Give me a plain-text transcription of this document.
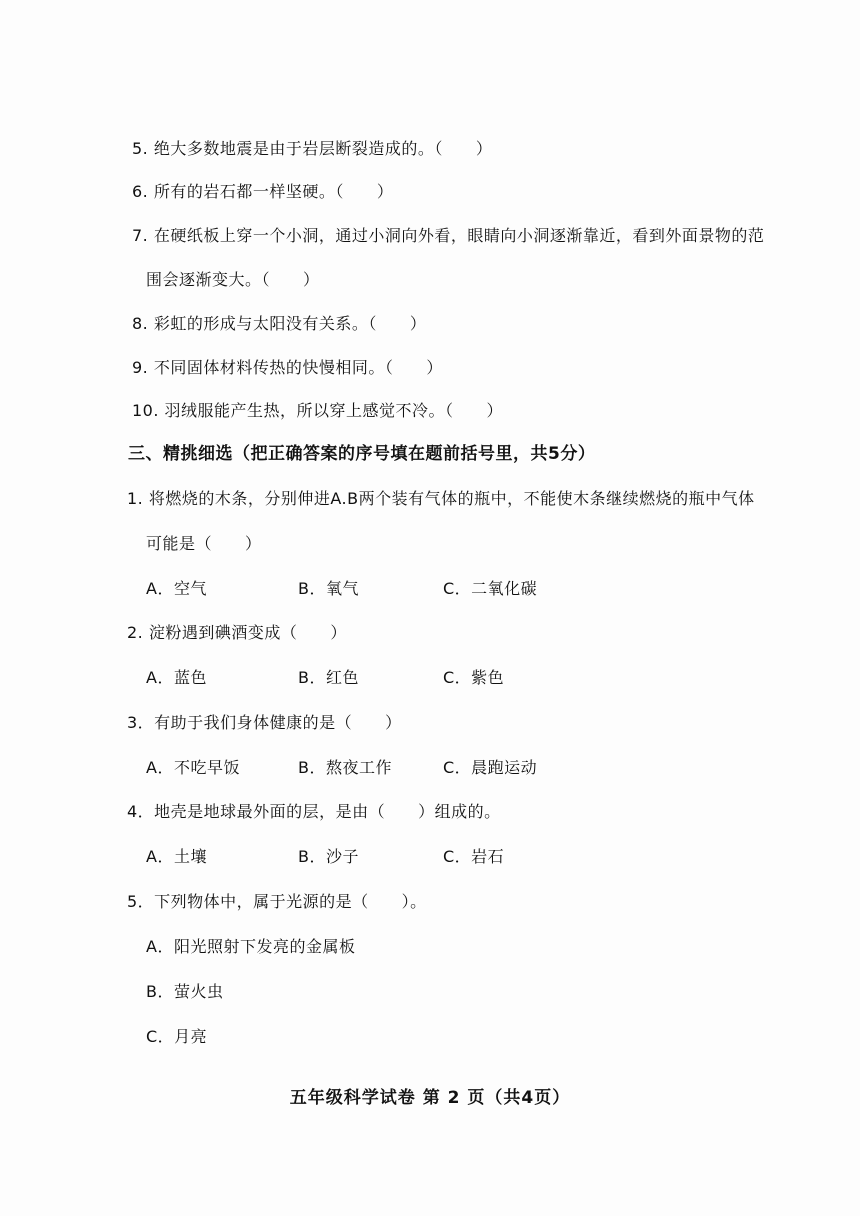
5. 绝大多数地震是由于岩层断裂造成的。（　　）
6. 所有的岩石都一样坚硬。（　　）
7. 在硬纸板上穿一个小洞，通过小洞向外看，眼睛向小洞逐渐靠近，看到外面景物的范
围会逐渐变大。（　　）
8. 彩虹的形成与太阳没有关系。（　　）
9. 不同固体材料传热的快慢相同。（　　）
10. 羽绒服能产生热，所以穿上感觉不冷。（　　）
三、精挑细选（把正确答案的序号填在题前括号里，共5分）
1. 将燃烧的木条，分别伸进A.B两个装有气体的瓶中，不能使木条继续燃烧的瓶中气体
可能是（　　）
A．空气	B．氧气	C．二氧化碳
2. 淀粉遇到碘酒变成（　　）
A．蓝色	B．红色	C．紫色
3．有助于我们身体健康的是（　　）
A．不吃早饭	B．熬夜工作	C．晨跑运动
4．地壳是地球最外面的层，是由（　　）组成的。
A．土壤	B．沙子	C．岩石
5．下列物体中，属于光源的是（　　）。
A．阳光照射下发亮的金属板
B．萤火虫
C．月亮
五年级科学试卷 第 2 页（共4页）
